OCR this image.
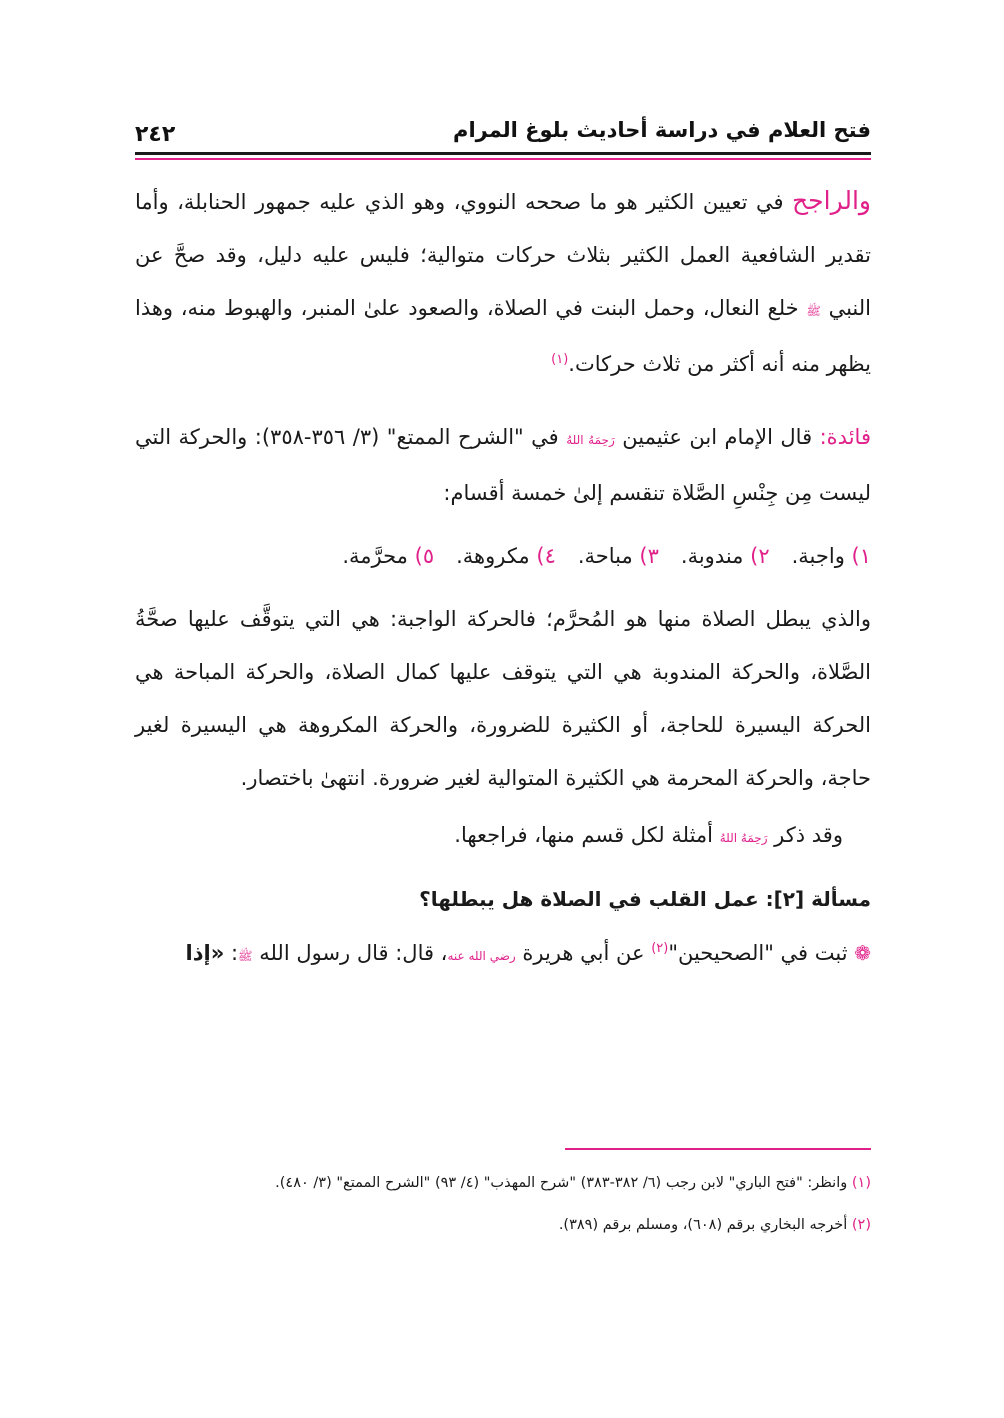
فتح العلام في دراسة أحاديث بلوغ المرام
٢٤٢

والراجح في تعيين الكثير هو ما صححه النووي، وهو الذي عليه جمهور الحنابلة، وأما تقدير الشافعية العمل الكثير بثلاث حركات متوالية؛ فليس عليه دليل، وقد صحَّ عن النبي ﷺ خلع النعال، وحمل البنت في الصلاة، والصعود علىٰ المنبر، والهبوط منه، وهذا يظهر منه أنه أكثر من ثلاث حركات.$^{(١)}$

فائدة: قال الإمام ابن عثيمين رَحِمَهُ اللهُ في "الشرح الممتع" (٣/ ٣٥٦-٣٥٨): والحركة التي ليست مِن جِنْسِ الصَّلاة تنقسم إلىٰ خمسة أقسام:

١) واجبة.٢) مندوبة.٣) مباحة.٤) مكروهة.٥) محرَّمة.

والذي يبطل الصلاة منها هو المُحرَّم؛ فالحركة الواجبة: هي التي يتوقَّف عليها صحَّةُ الصَّلاة، والحركة المندوبة هي التي يتوقف عليها كمال الصلاة، والحركة المباحة هي الحركة اليسيرة للحاجة، أو الكثيرة للضرورة، والحركة المكروهة هي اليسيرة لغير حاجة، والحركة المحرمة هي الكثيرة المتوالية لغير ضرورة. انتهىٰ باختصار.

وقد ذكر رَحِمَهُ اللهُ أمثلة لكل قسم منها، فراجعها.

مسألة [٢]: عمل القلب في الصلاة هل يبطلها؟

❁ ثبت في "الصحيحين"$^{(٢)}$ عن أبي هريرة رضي الله عنه، قال: قال رسول الله ﷺ: «إذا

(١) وانظر: "فتح الباري" لابن رجب (٦/ ٣٨٢-٣٨٣) "شرح المهذب" (٤/ ٩٣) "الشرح الممتع" (٣/ ٤٨٠).

(٢) أخرجه البخاري برقم (٦٠٨)، ومسلم برقم (٣٨٩).
